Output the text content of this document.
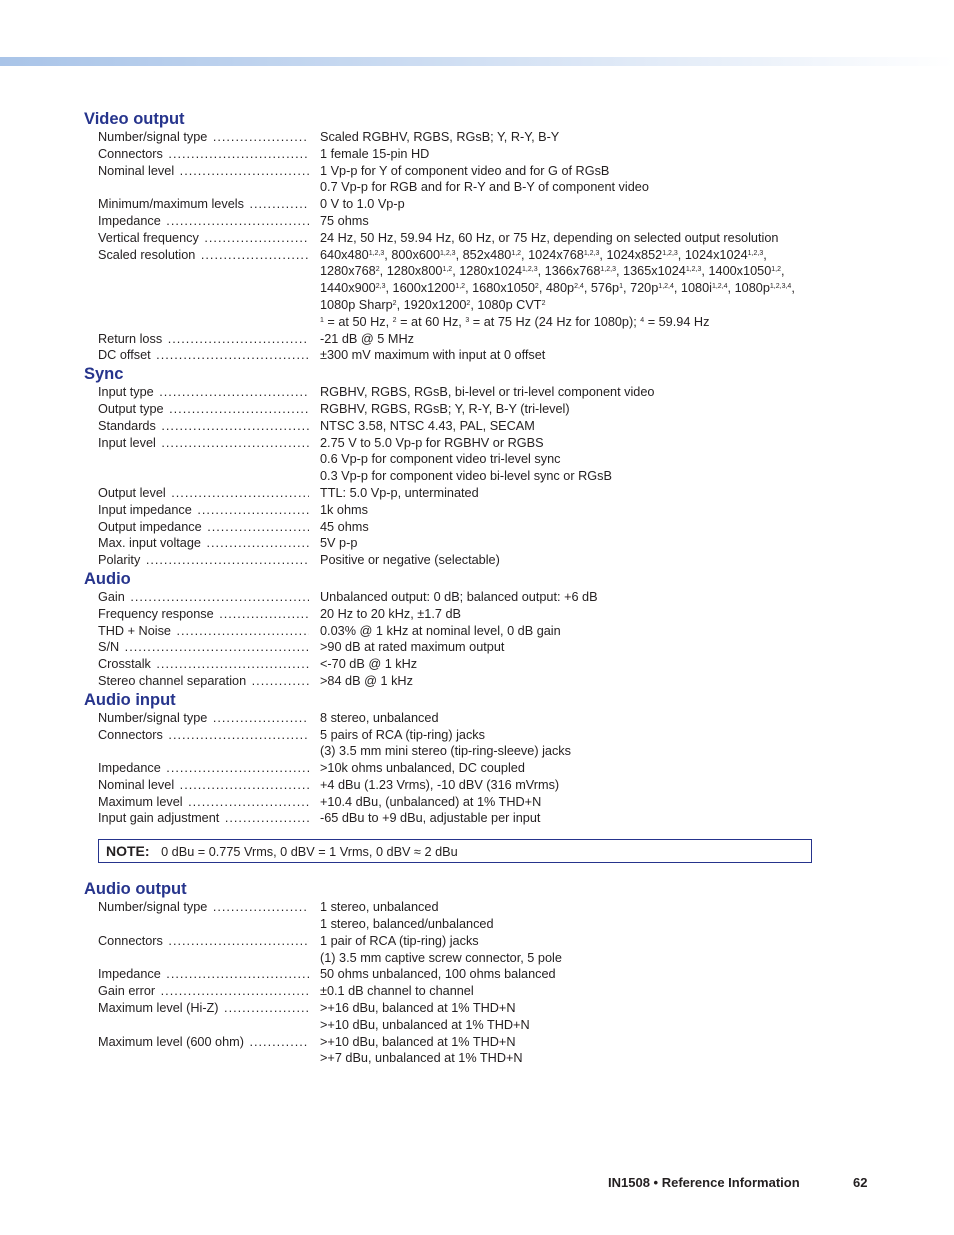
Video output
Number/signal type .....	Scaled RGBHV, RGBS, RGsB; Y, R-Y, B-Y
Connectors .....	1 female 15-pin HD
Nominal level .....	1 Vp-p for Y of component video and for G of RGsB
0.7 Vp-p for RGB and for R-Y and B-Y of component video
Minimum/maximum levels .....	0 V to 1.0 Vp-p
Impedance .....	75 ohms
Vertical frequency .....	24 Hz, 50 Hz, 59.94 Hz, 60 Hz, or 75 Hz, depending on selected output resolution
Scaled resolution .....	640x480$^{1,2,3}$, 800x600$^{1,2,3}$, 852x480$^{1,2}$, 1024x768$^{1,2,3}$, 1024x852$^{1,2,3}$, 1024x1024$^{1,2,3}$,
$1280x768^2$, 1280x800$^{1,2}$, 1280x1024$^{1,2,3}$, 1366x768$^{1,2,3}$, 1365x1024$^{1,2,3}$, 1400x1050$^{1,2}$,
1440x900$^{2,3}$, 1600x1200$^{1,2}$, 1680x1050$^2$, $480p^{2,4}$, $576p^1$, $720p^{1,2,4}$, $1080i^{1,2,4}$, $1080p^{1,2,3,4}$,
1080p Sharp$^2$, 1920x1200$^2$, 1080p CVT$^2$
$^1$ = at 50 Hz, $^2$ = at 60 Hz, $^3$ = at 75 Hz (24 Hz for 1080p); $^4$ = 59.94 Hz
Return loss .....	-21 dB @ 5 MHz
DC offset .....	±300 mV maximum with input at 0 offset
Sync
Input type .....	RGBHV, RGBS, RGsB, bi-level or tri-level component video
Output type .....	RGBHV, RGBS, RGsB; Y, R-Y, B-Y (tri-level)
Standards .....	NTSC 3.58, NTSC 4.43, PAL, SECAM
Input level .....	2.75 V to 5.0 Vp-p for RGBHV or RGBS
0.6 Vp-p for component video tri-level sync
0.3 Vp-p for component video bi-level sync or RGsB
Output level .....	TTL: 5.0 Vp-p, unterminated
Input impedance .....	1k ohms
Output impedance .....	45 ohms
Max. input voltage .....	5V p-p
Polarity .....	Positive or negative (selectable)
Audio
Gain .....	Unbalanced output: 0 dB; balanced output: +6 dB
Frequency response .....	20 Hz to 20 kHz, ±1.7 dB
THD + Noise .....	0.03% @ 1 kHz at nominal level, 0 dB gain
S/N .....	>90 dB at rated maximum output
Crosstalk .....	<-70 dB @ 1 kHz
Stereo channel separation .....	>84 dB @ 1 kHz
Audio input
Number/signal type .....	8 stereo, unbalanced
Connectors .....	5 pairs of RCA (tip-ring) jacks
(3) 3.5 mm mini stereo (tip-ring-sleeve) jacks
Impedance .....	>10k ohms unbalanced, DC coupled
Nominal level .....	+4 dBu (1.23 Vrms), -10 dBV (316 mVrms)
Maximum level .....	+10.4 dBu, (unbalanced) at 1% THD+N
Input gain adjustment .....	-65 dBu to +9 dBu, adjustable per input
NOTE: 0 dBu = 0.775 Vrms, 0 dBV = 1 Vrms, 0 dBV ≈ 2 dBu
Audio output
Number/signal type .....	1 stereo, unbalanced
1 stereo, balanced/unbalanced
Connectors .....	1 pair of RCA (tip-ring) jacks
(1) 3.5 mm captive screw connector, 5 pole
Impedance .....	50 ohms unbalanced, 100 ohms balanced
Gain error .....	±0.1 dB channel to channel
Maximum level (Hi-Z) .....	>+16 dBu, balanced at 1% THD+N
>+10 dBu, unbalanced at 1% THD+N
Maximum level (600 ohm) .....	>+10 dBu, balanced at 1% THD+N
>+7 dBu, unbalanced at 1% THD+N
IN1508 • Reference Information	62
